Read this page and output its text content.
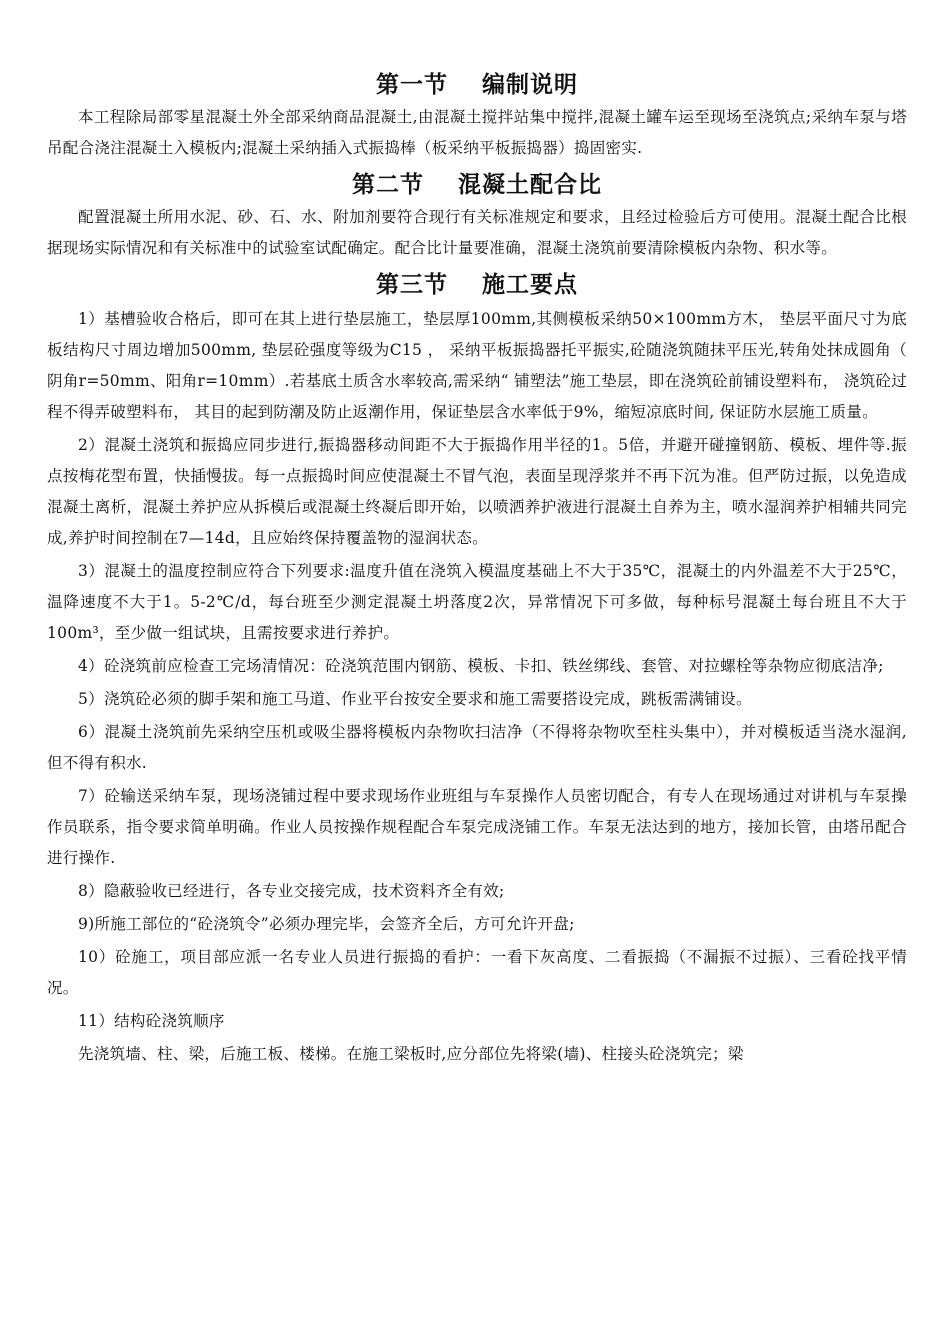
第一节 编制说明

本工程除局部零星混凝土外全部采纳商品混凝土,由混凝土搅拌站集中搅拌,混凝土罐车运至现场至浇筑点;采纳车泵与塔吊配合浇注混凝土入模板内;混凝土采纳插入式振捣棒（板采纳平板振捣器）捣固密实.

第二节 混凝土配合比

配置混凝土所用水泥、砂、石、水、附加剂要符合现行有关标准规定和要求，且经过检验后方可使用。混凝土配合比根据现场实际情况和有关标准中的试验室试配确定。配合比计量要准确，混凝土浇筑前要清除模板内杂物、积水等。

第三节 施工要点

1）基槽验收合格后，即可在其上进行垫层施工，垫层厚100mm,其侧模板采纳50×100mm方木， 垫层平面尺寸为底板结构尺寸周边增加500mm, 垫层砼强度等级为C15 ， 采纳平板振捣器托平振实,砼随浇筑随抹平压光,转角处抹成圆角（ 阴角r=50mm、阳角r=10mm）.若基底土质含水率较高,需采纳“ 铺塑法”施工垫层，即在浇筑砼前铺设塑料布， 浇筑砼过程不得弄破塑料布， 其目的起到防潮及防止返潮作用，保证垫层含水率低于9%，缩短凉底时间, 保证防水层施工质量。

2）混凝土浇筑和振捣应同步进行,振捣器移动间距不大于振捣作用半径的1。5倍，并避开碰撞钢筋、模板、埋件等.振点按梅花型布置，快插慢拔。每一点振捣时间应使混凝土不冒气泡，表面呈现浮浆并不再下沉为准。但严防过振，以免造成混凝土离析，混凝土养护应从拆模后或混凝土终凝后即开始，以喷洒养护液进行混凝土自养为主，喷水湿润养护相辅共同完成,养护时间控制在7—14d，且应始终保持覆盖物的湿润状态。

3）混凝土的温度控制应符合下列要求:温度升值在浇筑入模温度基础上不大于35℃，混凝土的内外温差不大于25℃，温降速度不大于1。5-2℃/d，每台班至少测定混凝土坍落度2次，异常情况下可多做，每种标号混凝土每台班且不大于100m³，至少做一组试块，且需按要求进行养护。

4）砼浇筑前应检查工完场清情况：砼浇筑范围内钢筋、模板、卡扣、铁丝绑线、套管、对拉螺栓等杂物应彻底洁净;

5）浇筑砼必须的脚手架和施工马道、作业平台按安全要求和施工需要搭设完成，跳板需满铺设。

6）混凝土浇筑前先采纳空压机或吸尘器将模板内杂物吹扫洁净（不得将杂物吹至柱头集中），并对模板适当浇水湿润,但不得有积水.

7）砼输送采纳车泵，现场浇铺过程中要求现场作业班组与车泵操作人员密切配合，有专人在现场通过对讲机与车泵操作员联系，指令要求简单明确。作业人员按操作规程配合车泵完成浇铺工作。车泵无法达到的地方，接加长管，由塔吊配合进行操作.

8）隐蔽验收已经进行，各专业交接完成，技术资料齐全有效;

9)所施工部位的“砼浇筑令”必须办理完毕，会签齐全后，方可允许开盘;

10）砼施工，项目部应派一名专业人员进行振捣的看护：一看下灰高度、二看振捣（不漏振不过振）、三看砼找平情况。

11）结构砼浇筑顺序

先浇筑墙、柱、梁，后施工板、楼梯。在施工梁板时,应分部位先将梁(墙)、柱接头砼浇筑完；梁
